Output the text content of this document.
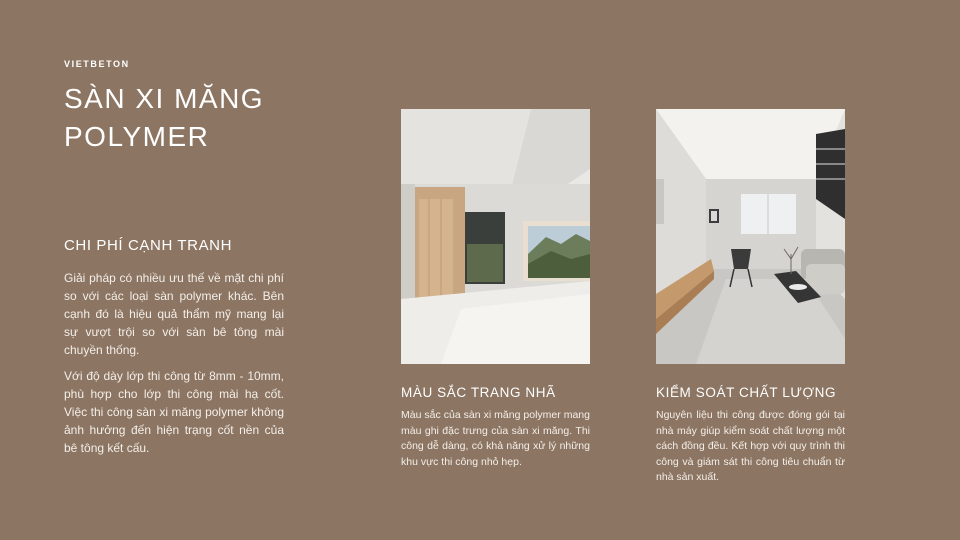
VIETBETON
SÀN XI MĂNG
POLYMER
CHI PHÍ CẠNH TRANH

Giải pháp có nhiều ưu thế về mặt chi phí so với các loại sàn polymer khác. Bên cạnh đó là hiệu quả thẩm mỹ mang lại sự vượt trội so với sàn bê tông mài chuyền thống.

Với độ dày lớp thi công từ 8mm - 10mm, phù hợp cho lớp thi công mài hạ cốt. Việc thi công sàn xi măng polymer không ảnh hưởng đến hiện trạng cốt nền của bê tông kết cấu.

MÀU SẮC TRANG NHÃ

Màu sắc của sàn xi măng polymer mang màu ghi đặc trưng của sàn xi măng. Thi công dễ dàng, có khả năng xử lý những khu vực thi công nhỏ hẹp.

KIỂM SOÁT CHẤT LƯỢNG

Nguyên liệu thi công được đóng gói tại nhà máy giúp kiểm soát chất lượng một cách đồng đều. Kết hợp với quy trình thi công và giám sát thi công tiêu chuẩn từ nhà sản xuất.
